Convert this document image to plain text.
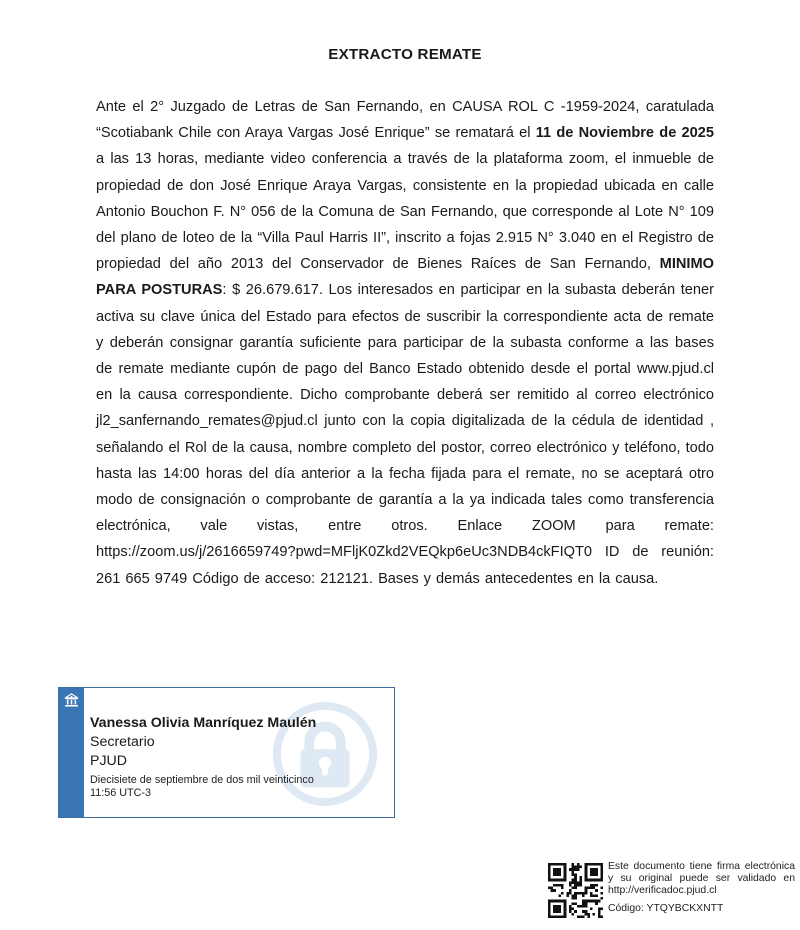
EXTRACTO REMATE
Ante el 2° Juzgado de Letras de San Fernando, en CAUSA ROL C -1959-2024, caratulada “Scotiabank Chile con Araya Vargas José Enrique” se rematará el 11 de Noviembre de 2025 a las 13 horas, mediante video conferencia a través de la plataforma zoom, el inmueble de propiedad de don José Enrique Araya Vargas, consistente en la propiedad ubicada en calle Antonio Bouchon F. N° 056 de la Comuna de San Fernando, que corresponde al Lote N° 109 del plano de loteo de la “Villa Paul Harris II”, inscrito a fojas 2.915 N° 3.040 en el Registro de propiedad del año 2013 del Conservador de Bienes Raíces de San Fernando, MINIMO PARA POSTURAS: $ 26.679.617. Los interesados en participar en la subasta deberán tener activa su clave única del Estado para efectos de suscribir la correspondiente acta de remate y deberán consignar garantía suficiente para participar de la subasta conforme a las bases de remate mediante cupón de pago del Banco Estado obtenido desde el portal www.pjud.cl en la causa correspondiente. Dicho comprobante deberá ser remitido al correo electrónico jl2_sanfernando_remates@pjud.cl junto con la copia digitalizada de la cédula de identidad , señalando el Rol de la causa, nombre completo del postor, correo electrónico y teléfono, todo hasta las 14:00 horas del día anterior a la fecha fijada para el remate, no se aceptará otro modo de consignación o comprobante de garantía a la ya indicada tales como transferencia electrónica, vale vistas, entre otros. Enlace ZOOM para remate: https://zoom.us/j/2616659749?pwd=MFljK0Zkd2VEQkp6eUc3NDB4ckFIQT0 ID de reunión: 261 665 9749 Código de acceso: 212121. Bases y demás antecedentes en la causa.
Vanessa Olivia Manríquez Maulén
Secretario
PJUD
Diecisiete de septiembre de dos mil veinticinco
11:56 UTC-3
Este documento tiene firma electrónica
y su original puede ser validado en
http://verificadoc.pjud.cl
Código: YTQYBCKXNTT
